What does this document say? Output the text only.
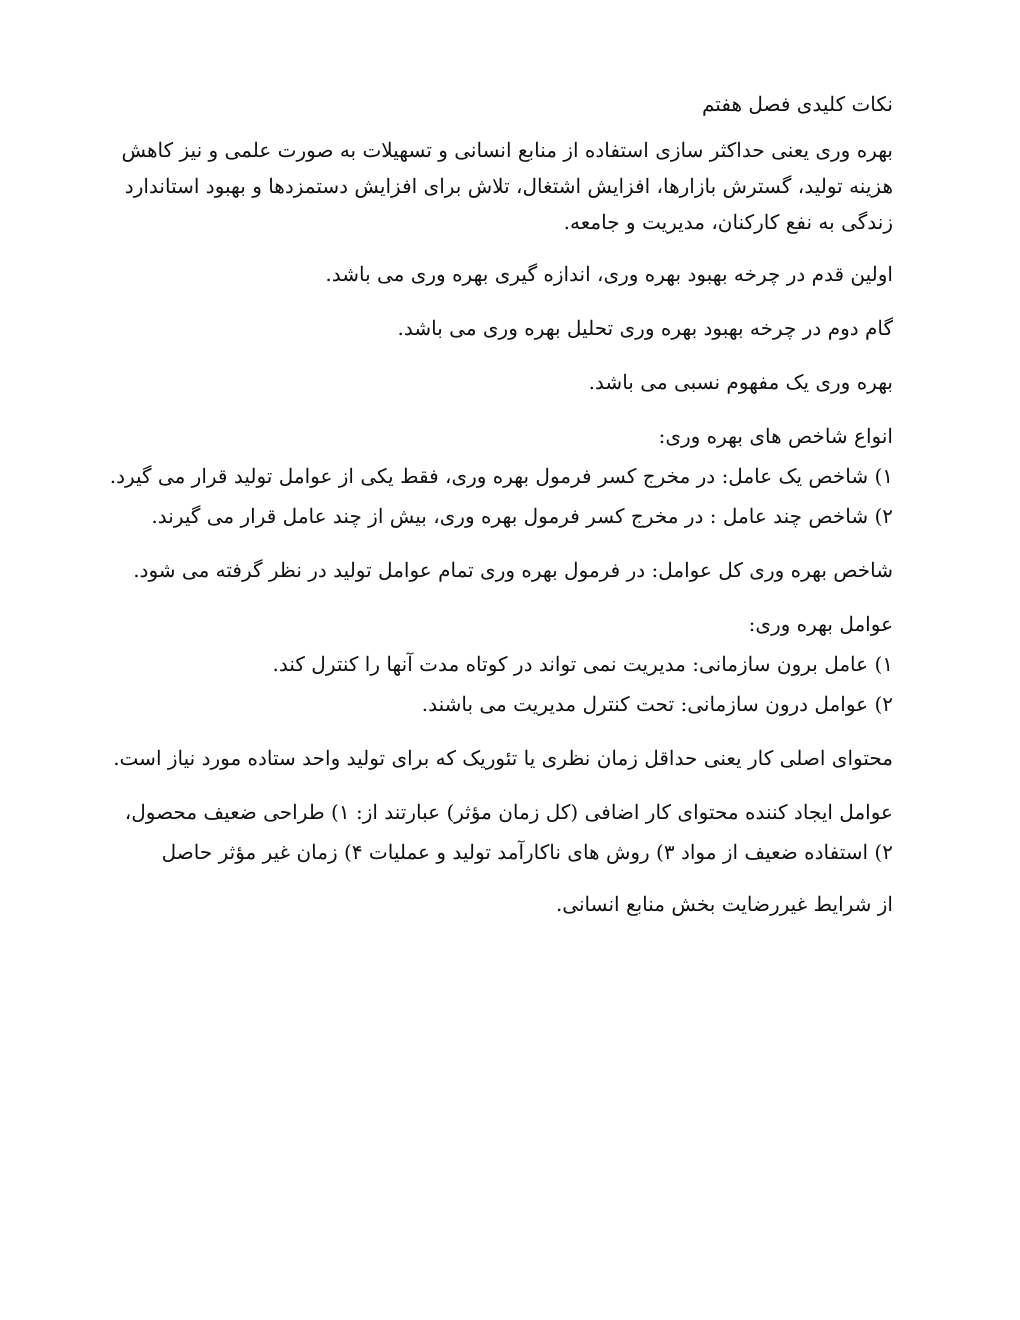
نکات کلیدی فصل هفتم

بهره وری یعنی حداکثر سازی استفاده از منابع انسانی و تسهیلات به صورت علمی و نیز کاهش هزینه تولید، گسترش بازارها، افزایش اشتغال، تلاش برای افزایش دستمزدها و بهبود استاندارد زندگی به نفع کارکنان، مدیریت و جامعه.

اولین قدم در چرخه بهبود بهره وری، اندازه گیری بهره وری می باشد.

گام دوم در چرخه بهبود بهره وری تحلیل بهره وری می باشد.

بهره وری یک مفهوم نسبی می باشد.

انواع شاخص های بهره وری:
۱) شاخص یک عامل: در مخرج کسر فرمول بهره وری، فقط یکی از عوامل تولید قرار می گیرد.
۲) شاخص چند عامل : در مخرج کسر فرمول بهره وری، بیش از چند عامل قرار می گیرند.

شاخص بهره وری کل عوامل: در فرمول بهره وری تمام عوامل تولید در نظر گرفته می شود.

عوامل بهره وری:
۱) عامل برون سازمانی: مدیریت نمی تواند در کوتاه مدت آنها را کنترل کند.
۲) عوامل درون سازمانی: تحت کنترل مدیریت می باشند.

محتوای اصلی کار یعنی حداقل زمان نظری یا تئوریک که برای تولید واحد ستاده مورد نیاز است.

عوامل ایجاد کننده محتوای کار اضافی (کل زمان مؤثر) عبارتند از: ۱) طراحی ضعیف محصول، ۲) استفاده ضعیف از مواد ۳) روش های ناکارآمد تولید و عملیات ۴) زمان غیر مؤثر حاصل

از شرایط غیررضایت بخش منابع انسانی.
